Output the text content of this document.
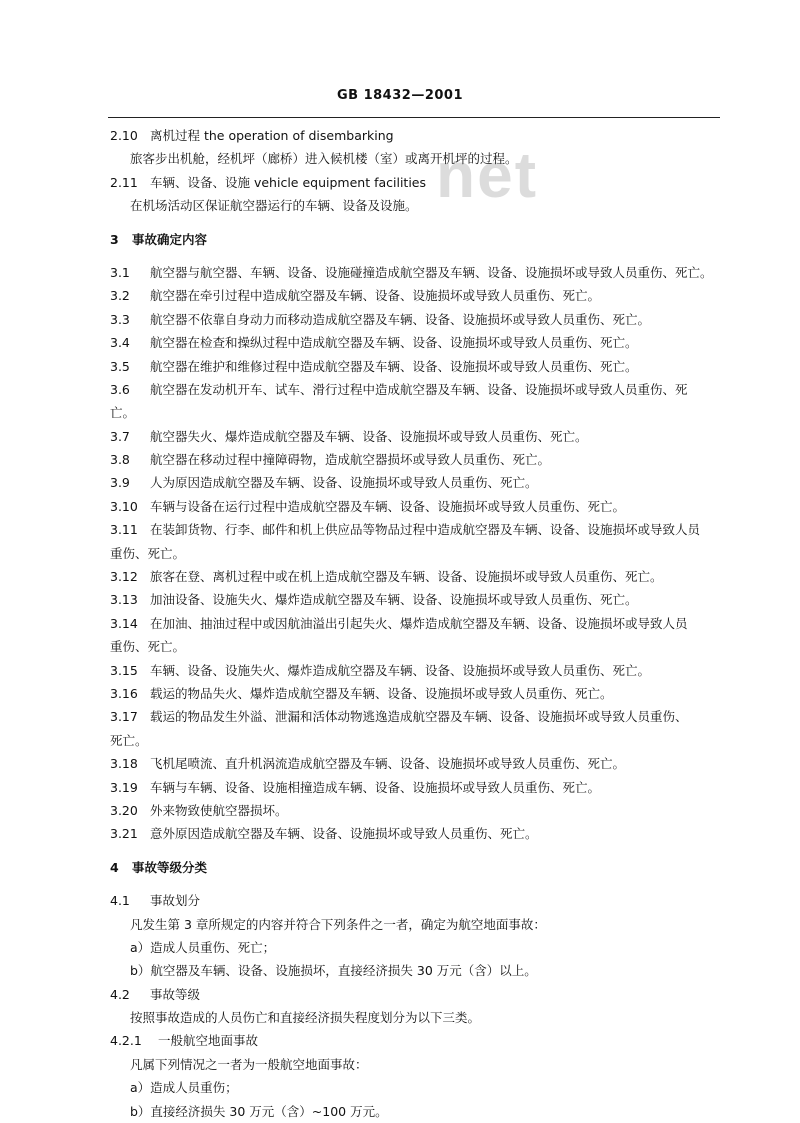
GB 18432—2001
net
2.10 离机过程 the operation of disembarking
旅客步出机舱，经机坪（廊桥）进入候机楼（室）或离开机坪的过程。
2.11 车辆、设备、设施 vehicle equipment facilities
在机场活动区保证航空器运行的车辆、设备及设施。
3 事故确定内容
3.1 航空器与航空器、车辆、设备、设施碰撞造成航空器及车辆、设备、设施损坏或导致人员重伤、死亡。
3.2 航空器在牵引过程中造成航空器及车辆、设备、设施损坏或导致人员重伤、死亡。
3.3 航空器不依靠自身动力而移动造成航空器及车辆、设备、设施损坏或导致人员重伤、死亡。
3.4 航空器在检查和操纵过程中造成航空器及车辆、设备、设施损坏或导致人员重伤、死亡。
3.5 航空器在维护和维修过程中造成航空器及车辆、设备、设施损坏或导致人员重伤、死亡。
3.6 航空器在发动机开车、试车、滑行过程中造成航空器及车辆、设备、设施损坏或导致人员重伤、死
亡。
3.7 航空器失火、爆炸造成航空器及车辆、设备、设施损坏或导致人员重伤、死亡。
3.8 航空器在移动过程中撞障碍物，造成航空器损坏或导致人员重伤、死亡。
3.9 人为原因造成航空器及车辆、设备、设施损坏或导致人员重伤、死亡。
3.10 车辆与设备在运行过程中造成航空器及车辆、设备、设施损坏或导致人员重伤、死亡。
3.11 在装卸货物、行李、邮件和机上供应品等物品过程中造成航空器及车辆、设备、设施损坏或导致人员
重伤、死亡。
3.12 旅客在登、离机过程中或在机上造成航空器及车辆、设备、设施损坏或导致人员重伤、死亡。
3.13 加油设备、设施失火、爆炸造成航空器及车辆、设备、设施损坏或导致人员重伤、死亡。
3.14 在加油、抽油过程中或因航油溢出引起失火、爆炸造成航空器及车辆、设备、设施损坏或导致人员
重伤、死亡。
3.15 车辆、设备、设施失火、爆炸造成航空器及车辆、设备、设施损坏或导致人员重伤、死亡。
3.16 载运的物品失火、爆炸造成航空器及车辆、设备、设施损坏或导致人员重伤、死亡。
3.17 载运的物品发生外溢、泄漏和活体动物逃逸造成航空器及车辆、设备、设施损坏或导致人员重伤、
死亡。
3.18 飞机尾喷流、直升机涡流造成航空器及车辆、设备、设施损坏或导致人员重伤、死亡。
3.19 车辆与车辆、设备、设施相撞造成车辆、设备、设施损坏或导致人员重伤、死亡。
3.20 外来物致使航空器损坏。
3.21 意外原因造成航空器及车辆、设备、设施损坏或导致人员重伤、死亡。
4 事故等级分类
4.1 事故划分
凡发生第 3 章所规定的内容并符合下列条件之一者，确定为航空地面事故：
a）造成人员重伤、死亡；
b）航空器及车辆、设备、设施损坏，直接经济损失 30 万元（含）以上。
4.2 事故等级
按照事故造成的人员伤亡和直接经济损失程度划分为以下三类。
4.2.1 一般航空地面事故
凡属下列情况之一者为一般航空地面事故：
a）造成人员重伤；
b）直接经济损失 30 万元（含）~100 万元。
